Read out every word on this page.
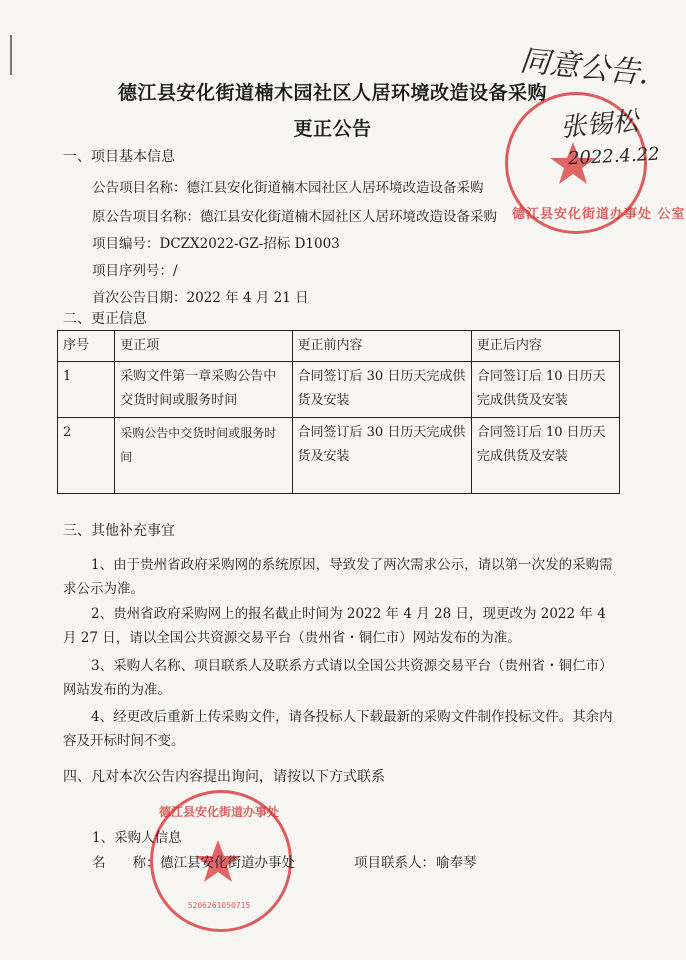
同意公告.
德江县安化街道楠木园社区人居环境改造设备采购
更正公告
德江县安化街道办事处 公室
张锡松
2022.4.22
一、项目基本信息
公告项目名称：德江县安化街道楠木园社区人居环境改造设备采购
原公告项目名称：德江县安化街道楠木园社区人居环境改造设备采购
项目编号：DCZX2022-GZ-招标 D1003
项目序列号：/
首次公告日期：2022 年 4 月 21 日
二、更正信息
序号	更正项	更正前内容	更正后内容
1	采购文件第一章采购公告中交货时间或服务时间	合同签订后 30 日历天完成供货及安装	合同签订后 10 日历天完成供货及安装
2	采购公告中交货时间或服务时间	合同签订后 30 日历天完成供货及安装	合同签订后 10 日历天完成供货及安装
三、其他补充事宜
1、由于贵州省政府采购网的系统原因，导致发了两次需求公示，请以第一次发的采购需求公示为准。
2、贵州省政府采购网上的报名截止时间为 2022 年 4 月 28 日，现更改为 2022 年 4 月 27 日，请以全国公共资源交易平台（贵州省・铜仁市）网站发布的为准。
3、采购人名称、项目联系人及联系方式请以全国公共资源交易平台（贵州省・铜仁市）网站发布的为准。
4、经更改后重新上传采购文件，请各投标人下载最新的采购文件制作投标文件。其余内容及开标时间不变。
四、凡对本次公告内容提出询问，请按以下方式联系
德江县安化街道办事处
5206261050715
1、采购人信息
名　　称： 德江县安化街道办事处	项目联系人： 喻奉琴
